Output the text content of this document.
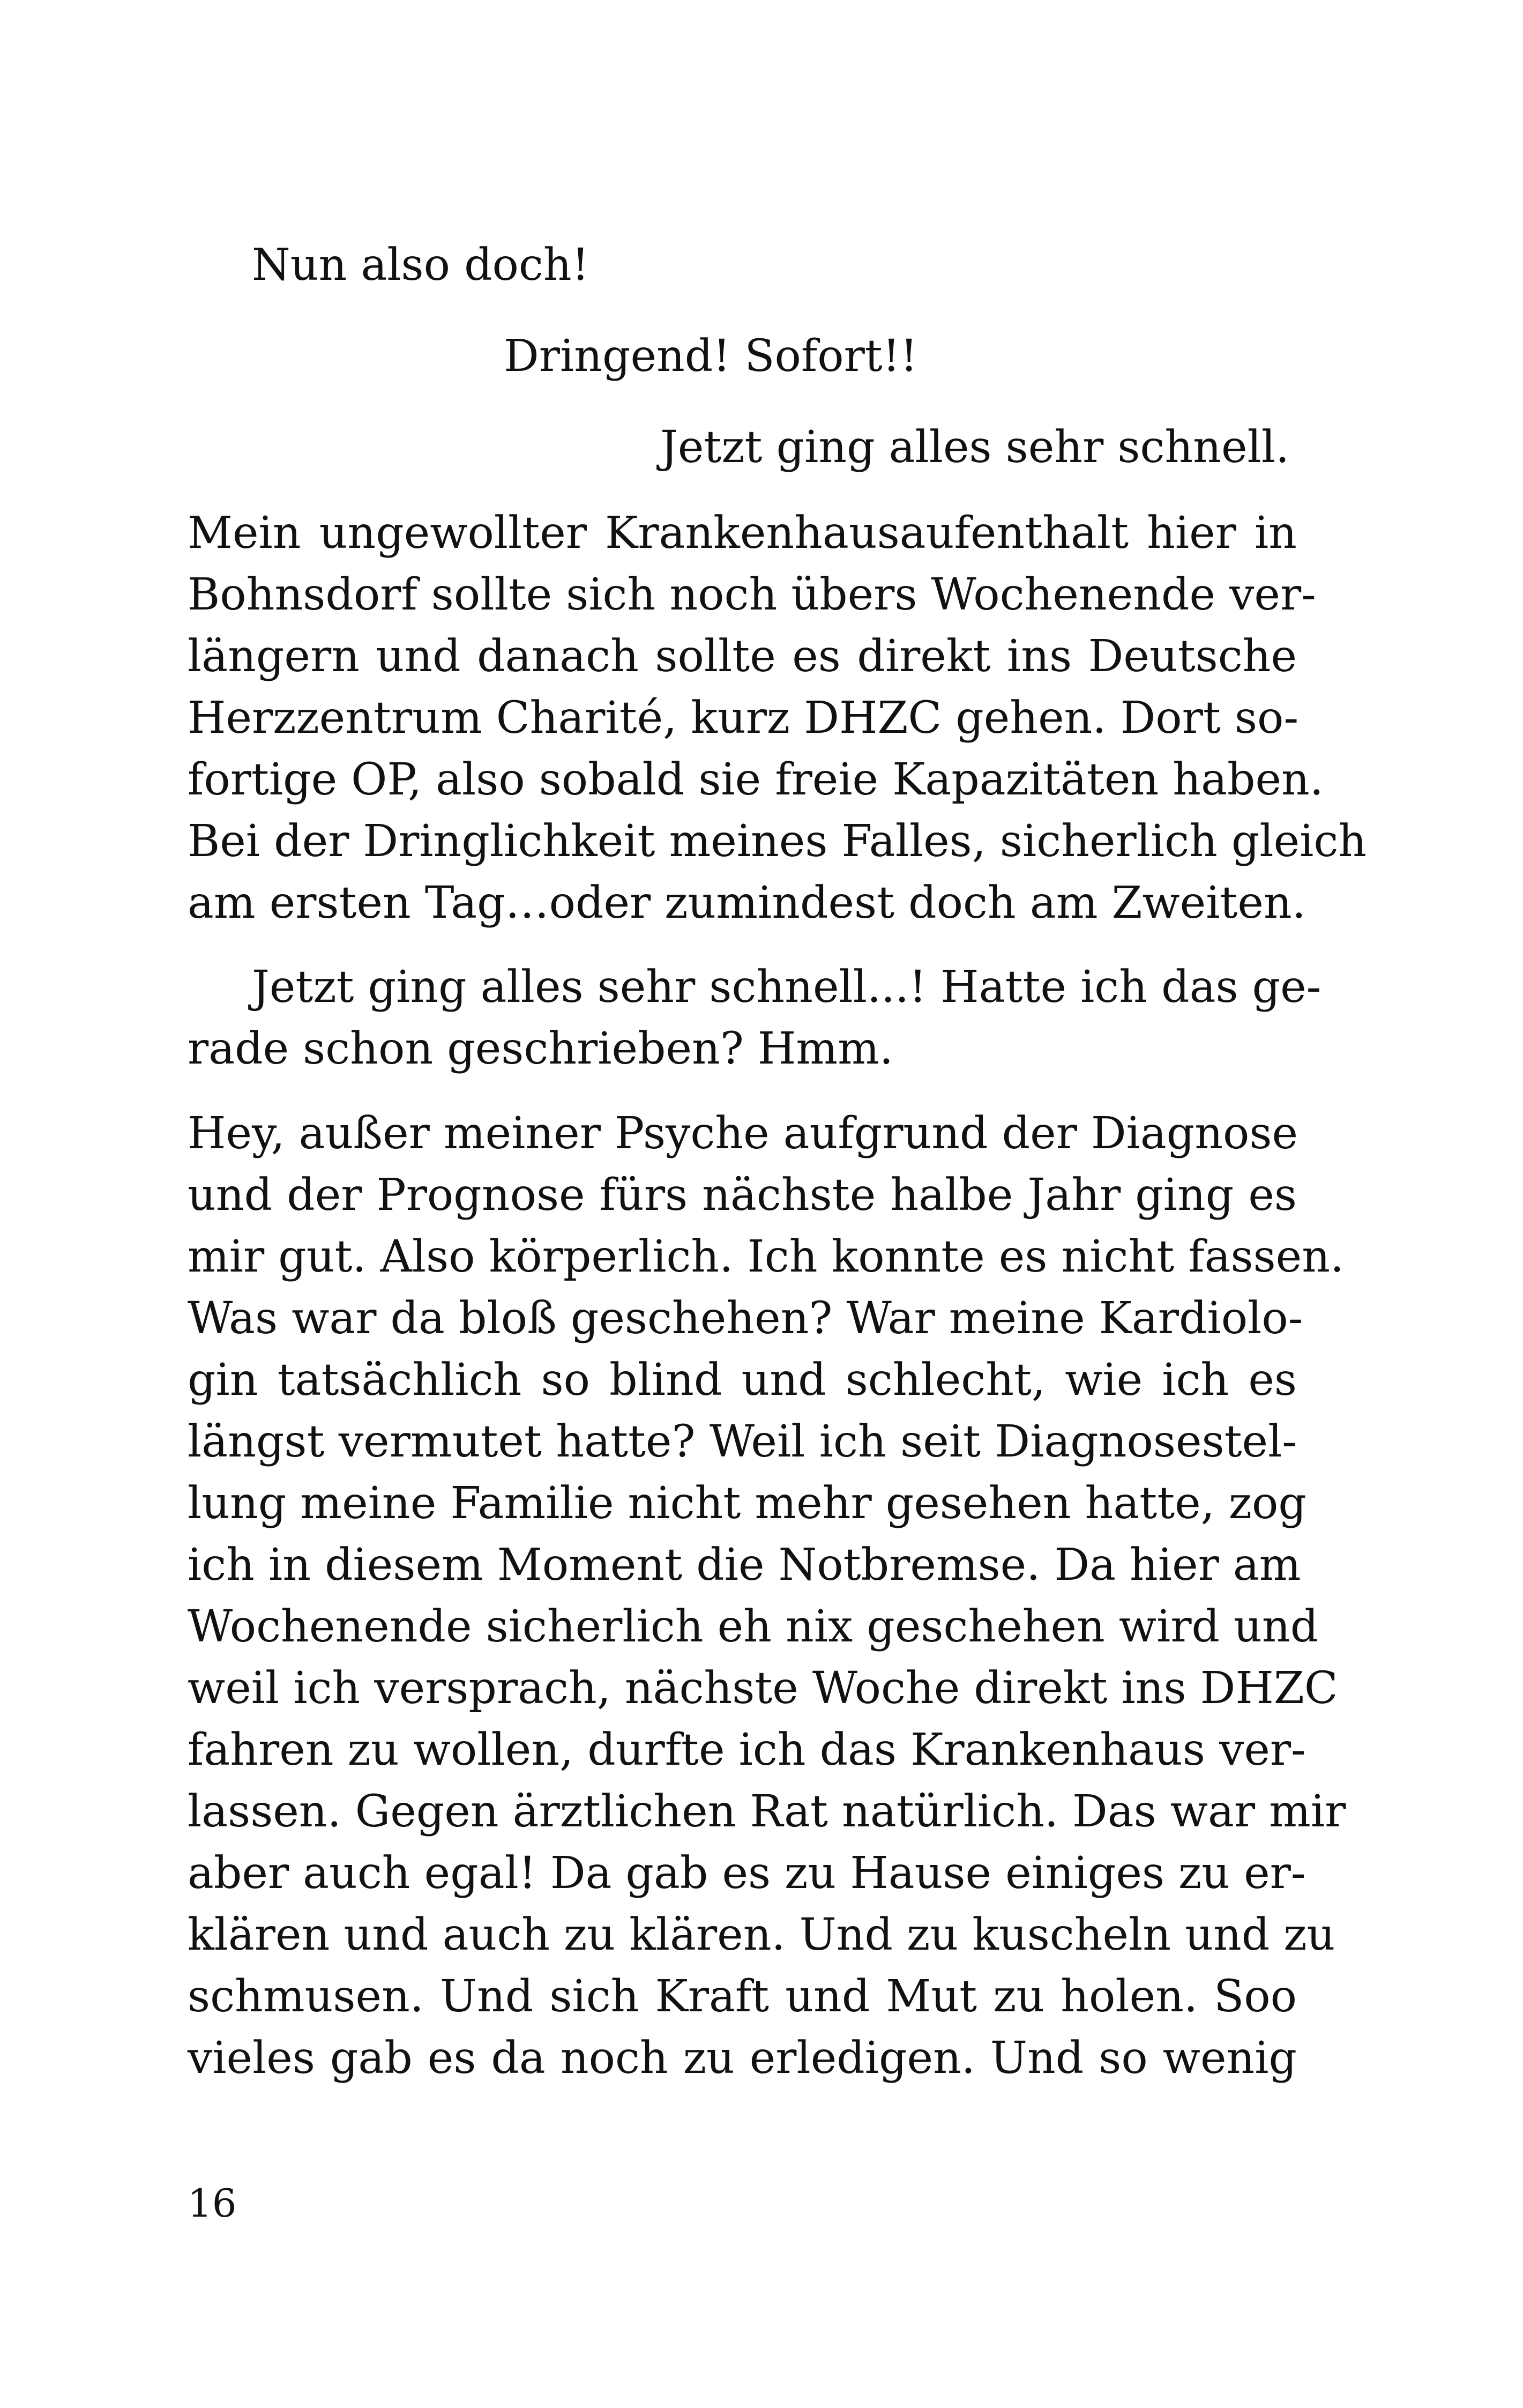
Nun also doch!
Dringend! Sofort!!
Jetzt ging alles sehr schnell.
Mein ungewollter Krankenhausaufenthalt hier in
Bohnsdorf sollte sich noch übers Wochenende ver-
längern und danach sollte es direkt ins Deutsche
Herzzentrum Charité, kurz DHZC gehen. Dort so-
fortige OP, also sobald sie freie Kapazitäten haben.
Bei der Dringlichkeit meines Falles, sicherlich gleich
am ersten Tag…oder zumindest doch am Zweiten.
Jetzt ging alles sehr schnell...! Hatte ich das ge-
rade schon geschrieben? Hmm.
Hey, außer meiner Psyche aufgrund der Diagnose
und der Prognose fürs nächste halbe Jahr ging es
mir gut. Also körperlich. Ich konnte es nicht fassen.
Was war da bloß geschehen? War meine Kardiolo-
gin tatsächlich so blind und schlecht, wie ich es
längst vermutet hatte? Weil ich seit Diagnosestel-
lung meine Familie nicht mehr gesehen hatte, zog
ich in diesem Moment die Notbremse. Da hier am
Wochenende sicherlich eh nix geschehen wird und
weil ich versprach, nächste Woche direkt ins DHZC
fahren zu wollen, durfte ich das Krankenhaus ver-
lassen. Gegen ärztlichen Rat natürlich. Das war mir
aber auch egal! Da gab es zu Hause einiges zu er-
klären und auch zu klären. Und zu kuscheln und zu
schmusen. Und sich Kraft und Mut zu holen. Soo
vieles gab es da noch zu erledigen. Und so wenig
16
